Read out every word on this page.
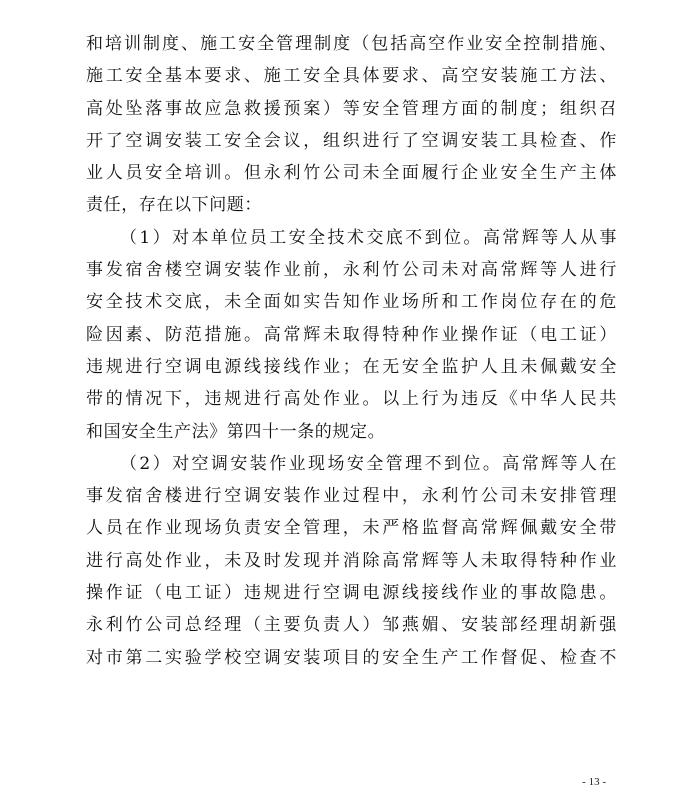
和培训制度、施工安全管理制度（包括高空作业安全控制措施、
施工安全基本要求、施工安全具体要求、高空安装施工方法、
高处坠落事故应急救援预案）等安全管理方面的制度；组织召
开了空调安装工安全会议，组织进行了空调安装工具检查、作
业人员安全培训。但永利竹公司未全面履行企业安全生产主体
责任，存在以下问题：
（1）对本单位员工安全技术交底不到位。高常辉等人从事
事发宿舍楼空调安装作业前，永利竹公司未对高常辉等人进行
安全技术交底，未全面如实告知作业场所和工作岗位存在的危
险因素、防范措施。高常辉未取得特种作业操作证（电工证）
违规进行空调电源线接线作业；在无安全监护人且未佩戴安全
带的情况下，违规进行高处作业。以上行为违反《中华人民共
和国安全生产法》第四十一条的规定。
（2）对空调安装作业现场安全管理不到位。高常辉等人在
事发宿舍楼进行空调安装作业过程中，永利竹公司未安排管理
人员在作业现场负责安全管理，未严格监督高常辉佩戴安全带
进行高处作业，未及时发现并消除高常辉等人未取得特种作业
操作证（电工证）违规进行空调电源线接线作业的事故隐患。
永利竹公司总经理（主要负责人）邹燕媚、安装部经理胡新强
对市第二实验学校空调安装项目的安全生产工作督促、检查不
- 13 -
